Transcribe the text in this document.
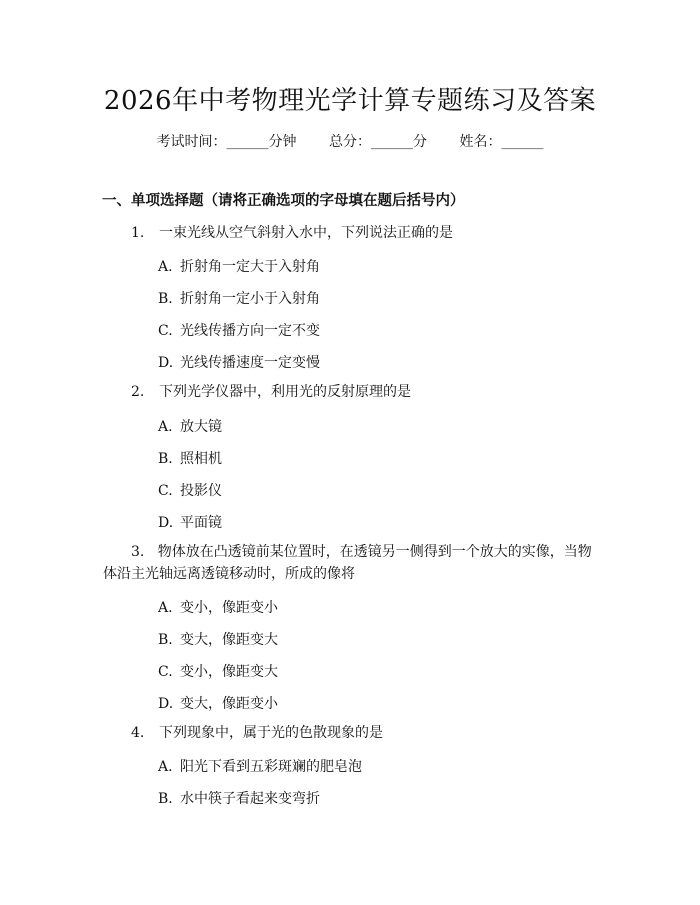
2026年中考物理光学计算专题练习及答案
考试时间：______分钟 总分：______分 姓名：______
一、单项选择题（请将正确选项的字母填在题后括号内）
1. 一束光线从空气斜射入水中，下列说法正确的是
A. 折射角一定大于入射角
B. 折射角一定小于入射角
C. 光线传播方向一定不变
D. 光线传播速度一定变慢
2. 下列光学仪器中，利用光的反射原理的是
A. 放大镜
B. 照相机
C. 投影仪
D. 平面镜
3. 物体放在凸透镜前某位置时，在透镜另一侧得到一个放大的实像，当物体沿主光轴远离透镜移动时，所成的像将
A. 变小，像距变小
B. 变大，像距变大
C. 变小，像距变大
D. 变大，像距变小
4. 下列现象中，属于光的色散现象的是
A. 阳光下看到五彩斑斓的肥皂泡
B. 水中筷子看起来变弯折
